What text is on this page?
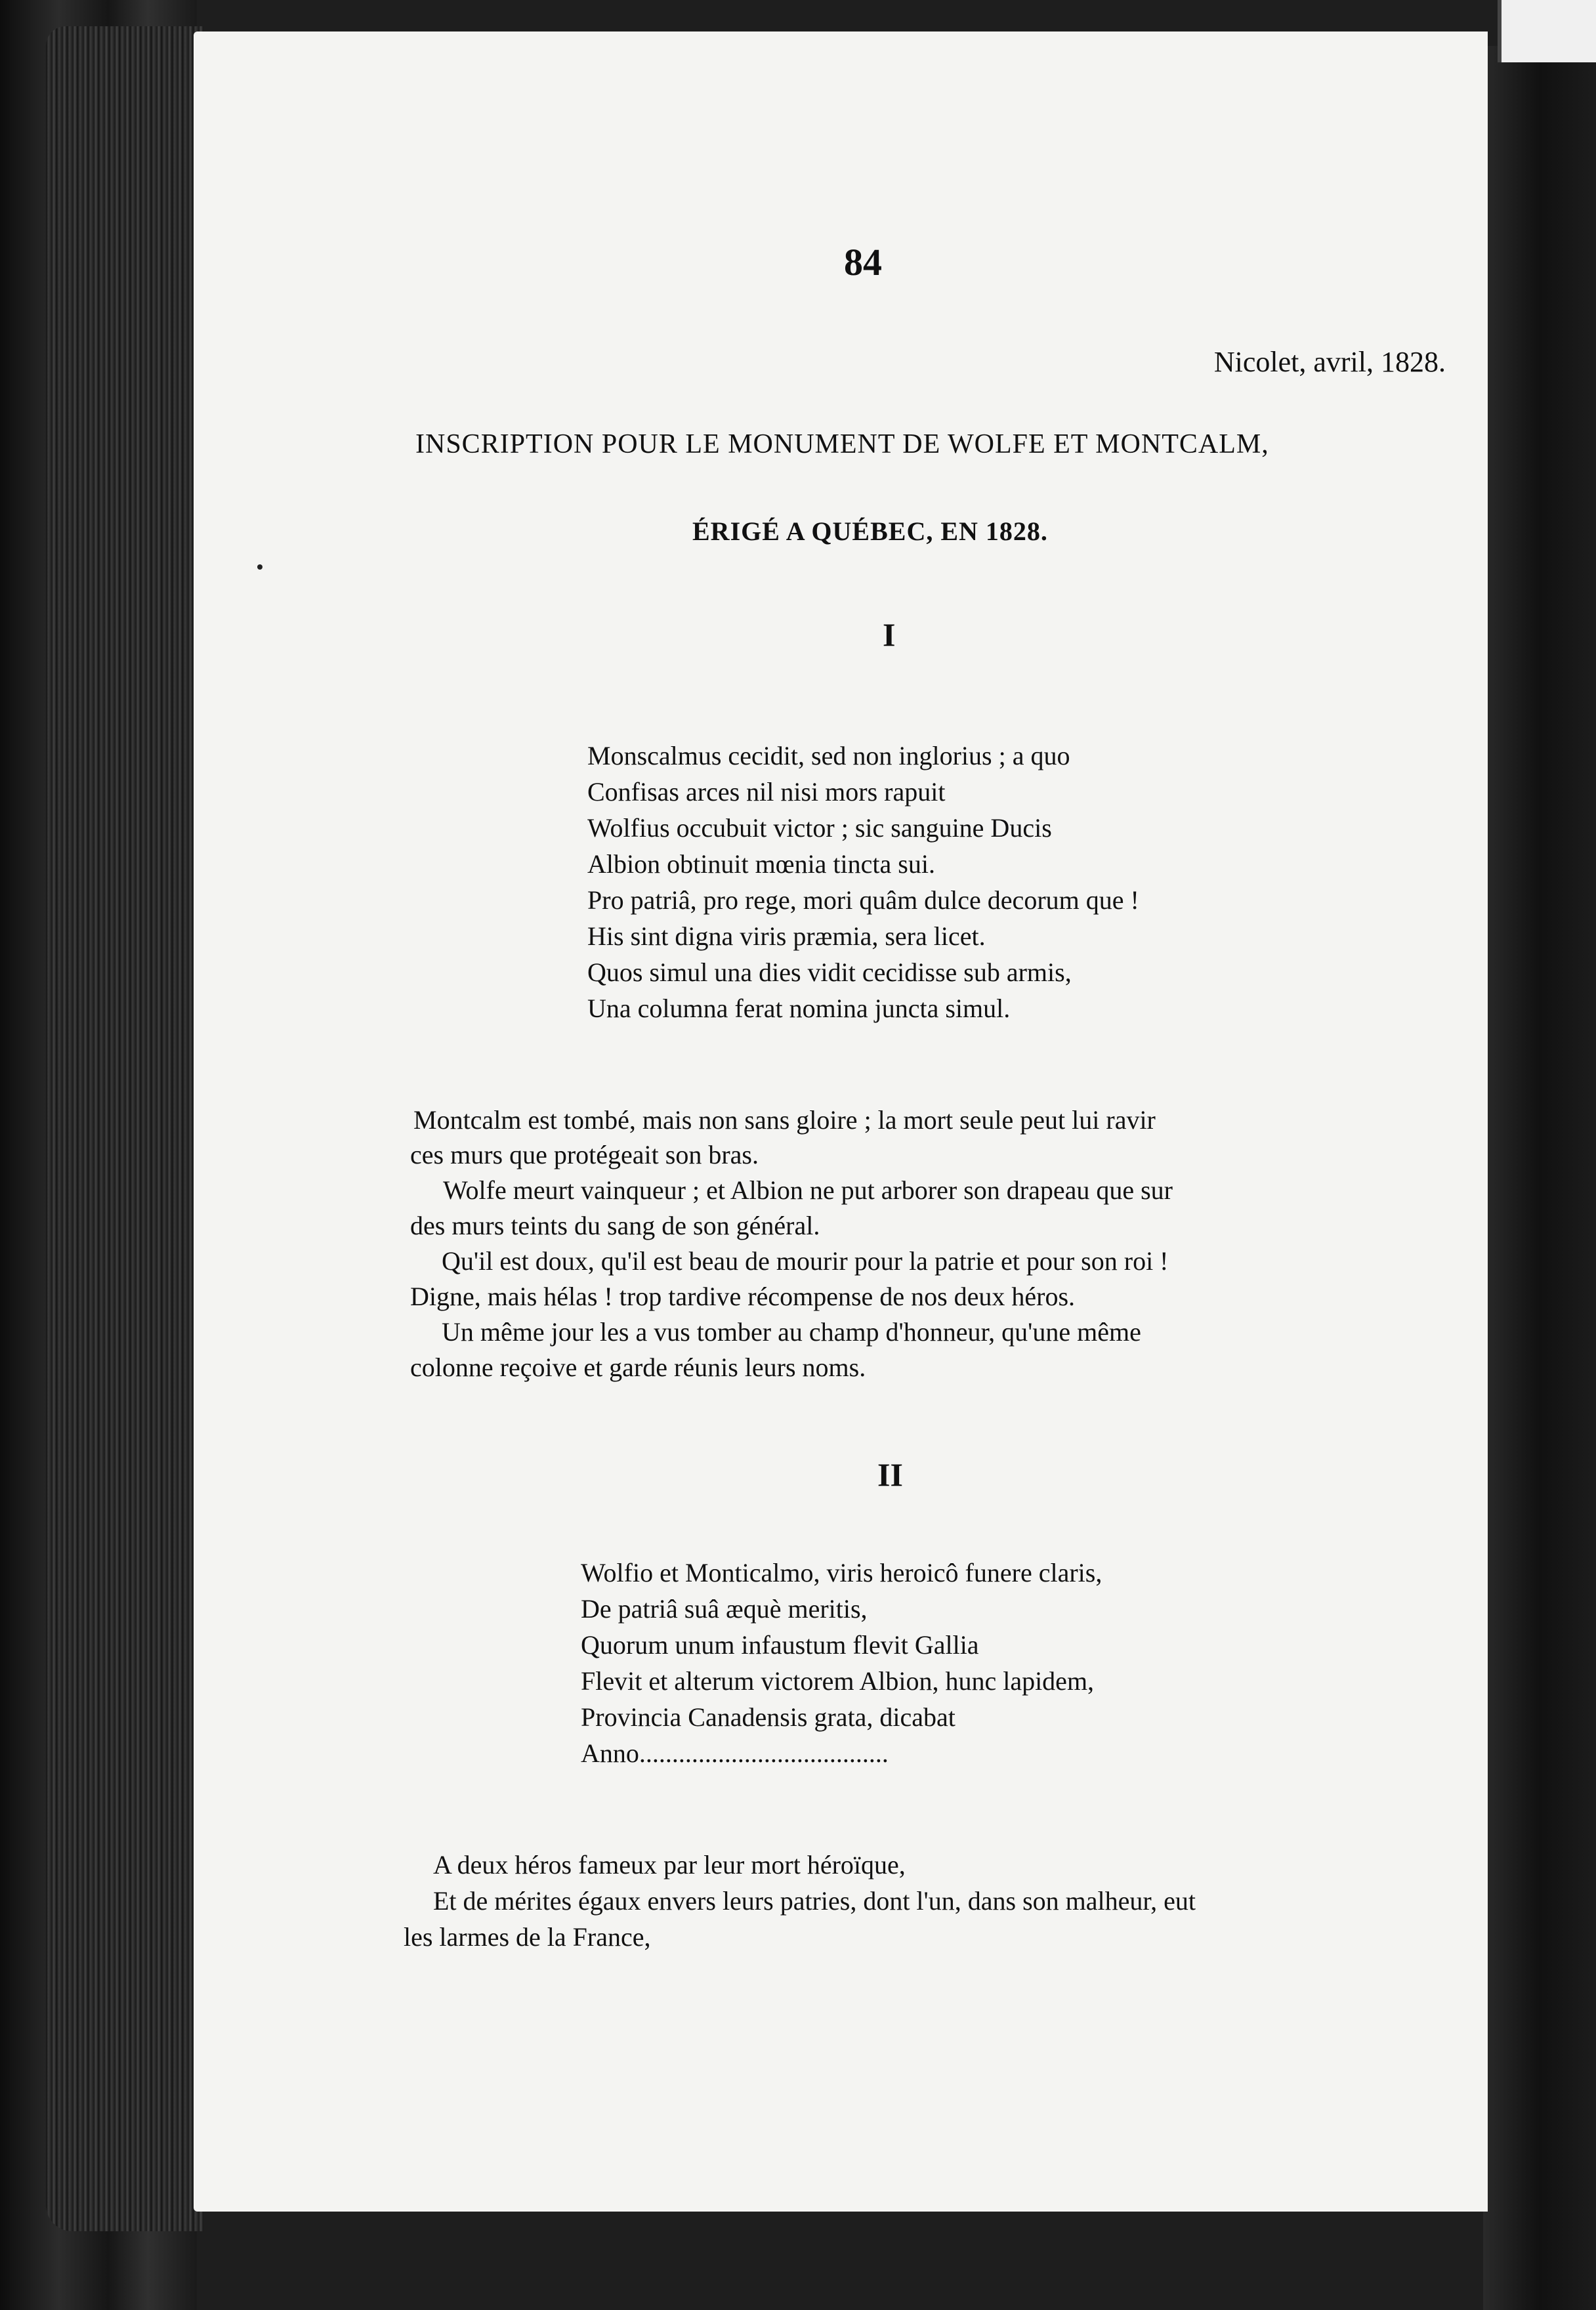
84
Nicolet, avril, 1828.
INSCRIPTION POUR LE MONUMENT DE WOLFE ET MONTCALM,
ÉRIGÉ A QUÉBEC, EN 1828.
I
Monscalmus cecidit, sed non inglorius ; a quo
Confisas arces nil nisi mors rapuit
Wolfius occubuit victor ; sic sanguine Ducis
Albion obtinuit mœnia tincta sui.
Pro patriâ, pro rege, mori quâm dulce decorum que !
His sint digna viris præmia, sera licet.
Quos simul una dies vidit cecidisse sub armis,
Una columna ferat nomina juncta simul.
Montcalm est tombé, mais non sans gloire ; la mort seule peut lui ravir
ces murs que protégeait son bras.
Wolfe meurt vainqueur ; et Albion ne put arborer son drapeau que sur
des murs teints du sang de son général.
Qu'il est doux, qu'il est beau de mourir pour la patrie et pour son roi !
Digne, mais hélas ! trop tardive récompense de nos deux héros.
Un même jour les a vus tomber au champ d'honneur, qu'une même
colonne reçoive et garde réunis leurs noms.
II
Wolfio et Monticalmo, viris heroicô funere claris,
De patriâ suâ æquè meritis,
Quorum unum infaustum flevit Gallia
Flevit et alterum victorem Albion, hunc lapidem,
Provincia Canadensis grata, dicabat
Anno......................................
A deux héros fameux par leur mort héroïque,
Et de mérites égaux envers leurs patries, dont l'un, dans son malheur, eut
les larmes de la France,
